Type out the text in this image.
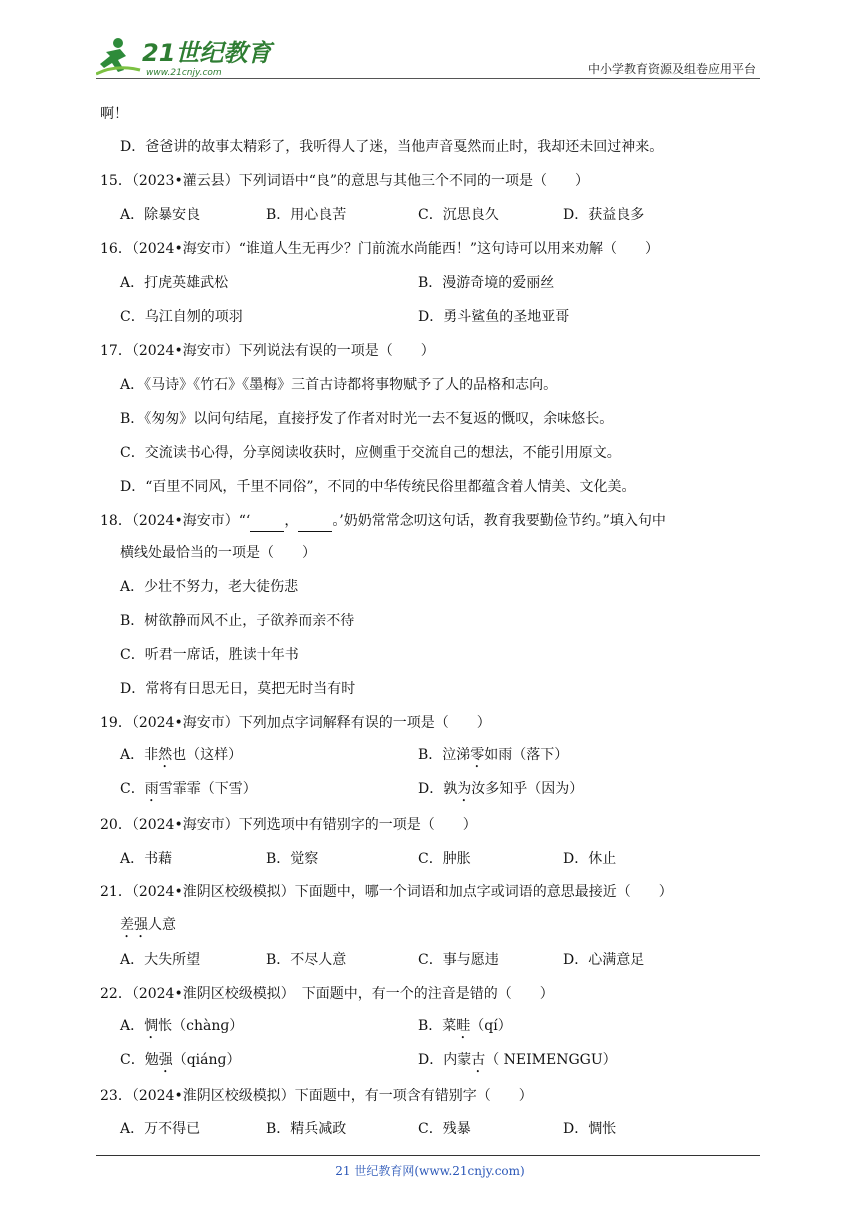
21世纪教育
www.21cnjy.com	中小学教育资源及组卷应用平台
啊！
D．爸爸讲的故事太精彩了，我听得人了迷，当他声音戛然而止时，我却还未回过神来。
15．（2023•灌云县）下列词语中“良”的意思与其他三个不同的一项是（　　）
A．除暴安良	B．用心良苦	C．沉思良久	D．获益良多
16．（2024•海安市）“谁道人生无再少？门前流水尚能西！”这句诗可以用来劝解（　　）
A．打虎英雄武松	B．漫游奇境的爱丽丝
C．乌江自刎的项羽	D．勇斗鲨鱼的圣地亚哥
17．（2024•海安市）下列说法有误的一项是（　　）
A．《马诗》《竹石》《墨梅》三首古诗都将事物赋予了人的品格和志向。
B．《匆匆》以问句结尾，直接抒发了作者对时光一去不复返的慨叹，余味悠长。
C．交流读书心得，分享阅读收获时，应侧重于交流自己的想法，不能引用原文。
D．“百里不同风，千里不同俗”，不同的中华传统民俗里都蕴含着人情美、文化美。
18．（2024•海安市）“‘ ， 。’奶奶常常念叨这句话，教育我要勤俭节约。”填入句中
横线处最恰当的一项是（　　）
A．少壮不努力，老大徒伤悲
B．树欲静而风不止，子欲养而亲不待
C．听君一席话，胜读十年书
D．常将有日思无日，莫把无时当有时
19．（2024•海安市）下列加点字词解释有误的一项是（　　）
A．非然也（这样）	B．泣涕零如雨（落下）
C．雨雪霏霏（下雪）	D．孰为汝多知乎（因为）
20．（2024•海安市）下列选项中有错别字的一项是（　　）
A．书藉	B．觉察	C．肿胀	D．休止
21．（2024•淮阴区校级模拟）下面题中，哪一个词语和加点字或词语的意思最接近（　　）
差强人意
A．大失所望	B．不尽人意	C．事与愿违	D．心满意足
22．（2024•淮阴区校级模拟）　下面题中，有一个的注音是错的（　　）
A．惆怅（chànɡ）	B．菜畦（qí）
C．勉强（qiánɡ）	D．内蒙古（ NEIMENGGU）
23．（2024•淮阴区校级模拟）下面题中，有一项含有错别字（　　）
A．万不得已	B．精兵减政	C．残暴	D．惆怅
21 世纪教育网(www.21cnjy.com)
